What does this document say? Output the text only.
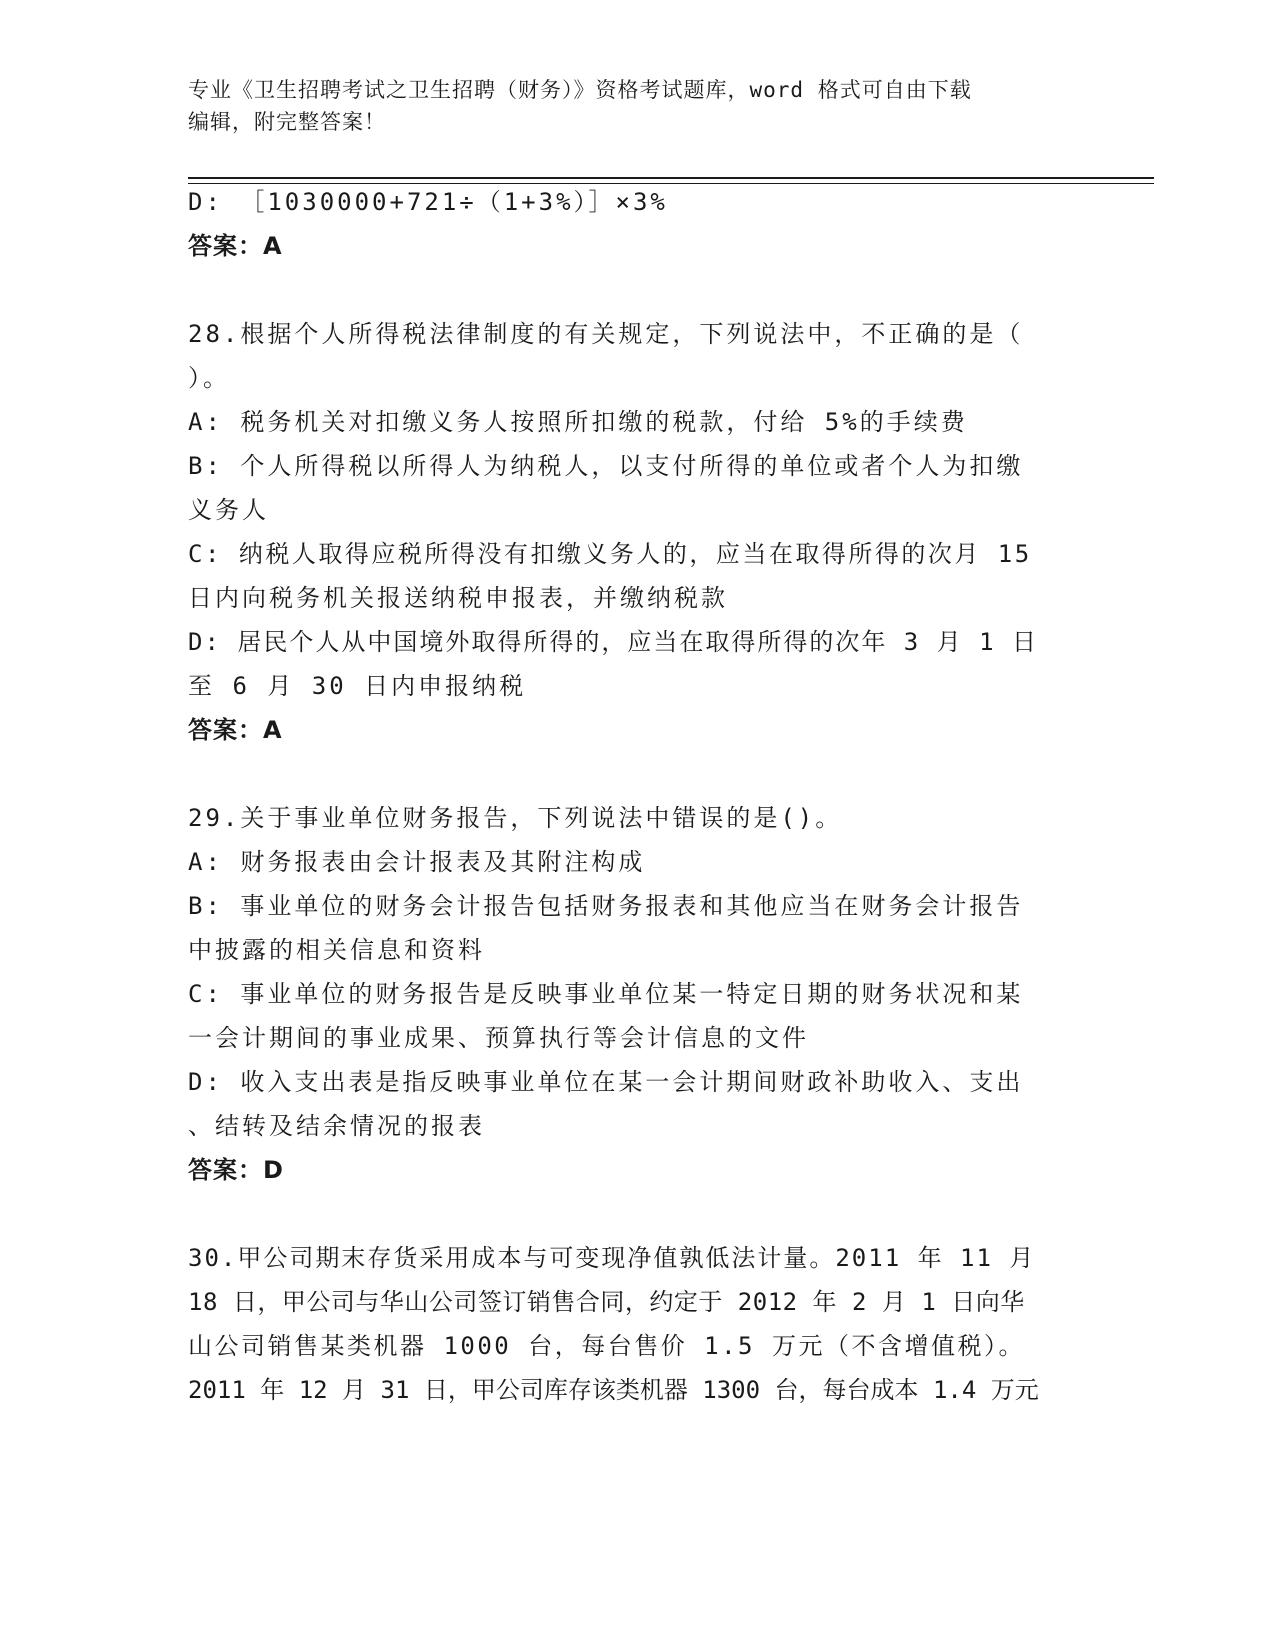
专业《卫生招聘考试之卫生招聘（财务）》资格考试题库，word 格式可自由下载
编辑，附完整答案！
D: ［1030000+721÷（1+3%）］×3%
答案：A
28.根据个人所得税法律制度的有关规定，下列说法中，不正确的是（
）。
A: 税务机关对扣缴义务人按照所扣缴的税款，付给 5%的手续费
B: 个人所得税以所得人为纳税人，以支付所得的单位或者个人为扣缴
义务人
C: 纳税人取得应税所得没有扣缴义务人的，应当在取得所得的次月 15
日内向税务机关报送纳税申报表，并缴纳税款
D: 居民个人从中国境外取得所得的，应当在取得所得的次年 3 月 1 日
至 6 月 30 日内申报纳税
答案：A
29.关于事业单位财务报告，下列说法中错误的是()。
A: 财务报表由会计报表及其附注构成
B: 事业单位的财务会计报告包括财务报表和其他应当在财务会计报告
中披露的相关信息和资料
C: 事业单位的财务报告是反映事业单位某一特定日期的财务状况和某
一会计期间的事业成果、预算执行等会计信息的文件
D: 收入支出表是指反映事业单位在某一会计期间财政补助收入、支出
、结转及结余情况的报表
答案：D
30.甲公司期末存货采用成本与可变现净值孰低法计量。2011 年 11 月
18 日，甲公司与华山公司签订销售合同，约定于 2012 年 2 月 1 日向华
山公司销售某类机器 1000 台，每台售价 1.5 万元（不含增值税）。
2011 年 12 月 31 日，甲公司库存该类机器 1300 台，每台成本 1.4 万元
